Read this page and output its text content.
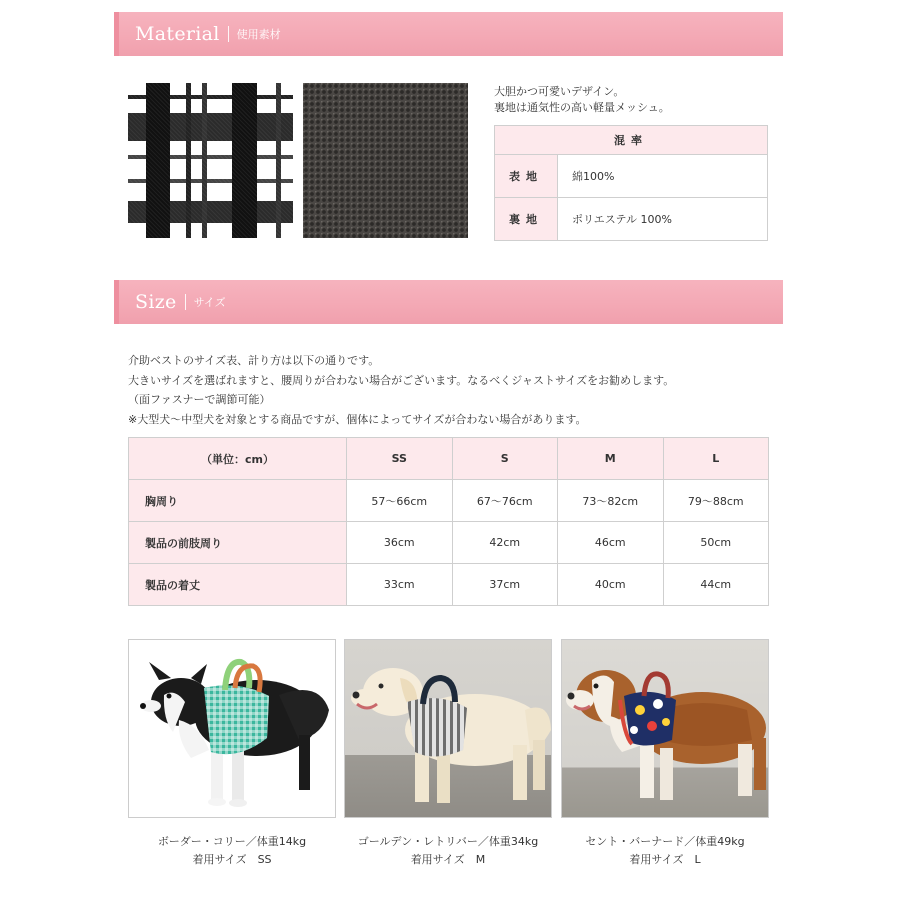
Material 使用素材
大胆かつ可愛いデザイン。
裏地は通気性の高い軽量メッシュ。
混率	
表地	綿100%
裏地	ポリエステル 100%
Size サイズ
介助ベストのサイズ表、計り方は以下の通りです。
大きいサイズを選ばれますと、腰周りが合わない場合がございます。なるべくジャストサイズをお勧めします。
（面ファスナーで調節可能）
※大型犬～中型犬を対象とする商品ですが、個体によってサイズが合わない場合があります。
（単位：cm）	SS	S	M	L
胸周り	57〜66cm	67〜76cm	73〜82cm	79〜88cm
製品の前肢周り	36cm	42cm	46cm	50cm
製品の着丈	33cm	37cm	40cm	44cm
ボーダー・コリー／体重14kg
着用サイズ　SS
ゴールデン・レトリバー／体重34kg
着用サイズ　M
セント・バーナード／体重49kg
着用サイズ　L
